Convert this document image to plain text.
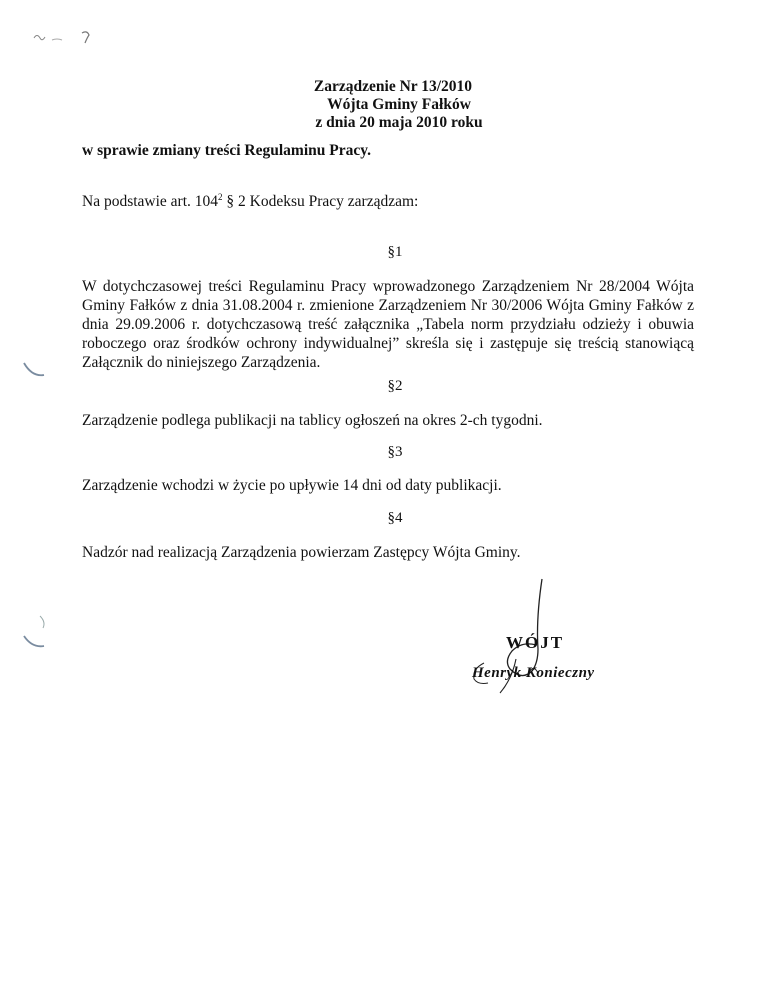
Zarządzenie Nr 13/2010
Wójta Gminy Fałków
z dnia 20 maja 2010 roku
w sprawie zmiany treści Regulaminu Pracy.
Na podstawie art. $104^2$ § 2 Kodeksu Pracy zarządzam:
§1
W dotychczasowej treści Regulaminu Pracy wprowadzonego Zarządzeniem Nr 28/2004 Wójta Gminy Fałków z dnia 31.08.2004 r. zmienione Zarządzeniem Nr 30/2006 Wójta Gminy Fałków z dnia 29.09.2006 r. dotychczasową treść załącznika „Tabela norm przydziału odzieży i obuwia roboczego oraz środków ochrony indywidualnej” skreśla się i zastępuje się treścią stanowiącą Załącznik do niniejszego Zarządzenia.
§2
Zarządzenie podlega publikacji na tablicy ogłoszeń na okres 2-ch tygodni.
§3
Zarządzenie wchodzi w życie po upływie 14 dni od daty publikacji.
§4
Nadzór nad realizacją Zarządzenia powierzam Zastępcy Wójta Gminy.
WÓJT
Henryk Konieczny
